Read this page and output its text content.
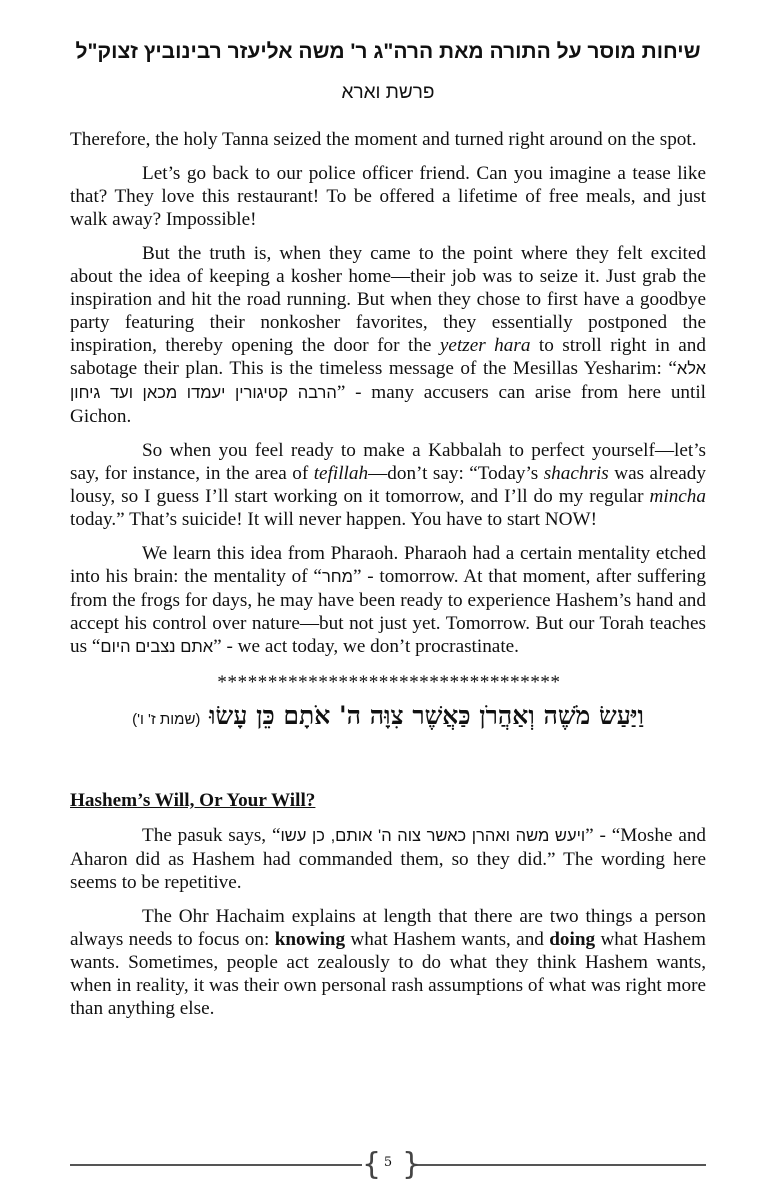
שיחות מוסר על התורה מאת הרה"ג ר' משה אליעזר רבינוביץ זצוק"ל
פרשת וארא

Therefore, the holy Tanna seized the moment and turned right around on the spot.

Let’s go back to our police officer friend. Can you imagine a tease like that? They love this restaurant! To be offered a lifetime of free meals, and just walk away? Impossible!

But the truth is, when they came to the point where they felt excited about the idea of keeping a kosher home—their job was to seize it. Just grab the inspiration and hit the road running. But when they chose to first have a goodbye party featuring their nonkosher favorites, they essentially postponed the inspiration, thereby opening the door for the yetzer hara to stroll right in and sabotage their plan. This is the timeless message of the Mesillas Yesharim: “אלא הרבה קטיגורין יעמדו מכאן ועד גיחון” - many accusers can arise from here until Gichon.

So when you feel ready to make a Kabbalah to perfect yourself—let’s say, for instance, in the area of tefillah—don’t say: “Today’s shachris was already lousy, so I guess I’ll start working on it tomorrow, and I’ll do my regular mincha today.” That’s suicide! It will never happen. You have to start NOW!

We learn this idea from Pharaoh. Pharaoh had a certain mentality etched into his brain: the mentality of “מחר” - tomorrow. At that moment, after suffering from the frogs for days, he may have been ready to experience Hashem’s hand and accept his control over nature—but not just yet. Tomorrow. But our Torah teaches us “אתם נצבים היום” - we act today, we don’t procrastinate.

**********************************
וַיַּעַשׂ מֹשֶׁה וְאַהֲרֹן כַּאֲשֶׁר צִוָּה ה' אֹתָם כֵּן עָשׂוּ (שמות ז' ו')
Hashem’s Will, Or Your Will?

The pasuk says, “ויעש משה ואהרן כאשר צוה ה' אותם, כן עשו” - “Moshe and Aharon did as Hashem had commanded them, so they did.” The wording here seems to be repetitive.

The Ohr Hachaim explains at length that there are two things a person always needs to focus on: knowing what Hashem wants, and doing what Hashem wants. Sometimes, people act zealously to do what they think Hashem wants, when in reality, it was their own personal rash assumptions of what was right more than anything else.

{ }
5
